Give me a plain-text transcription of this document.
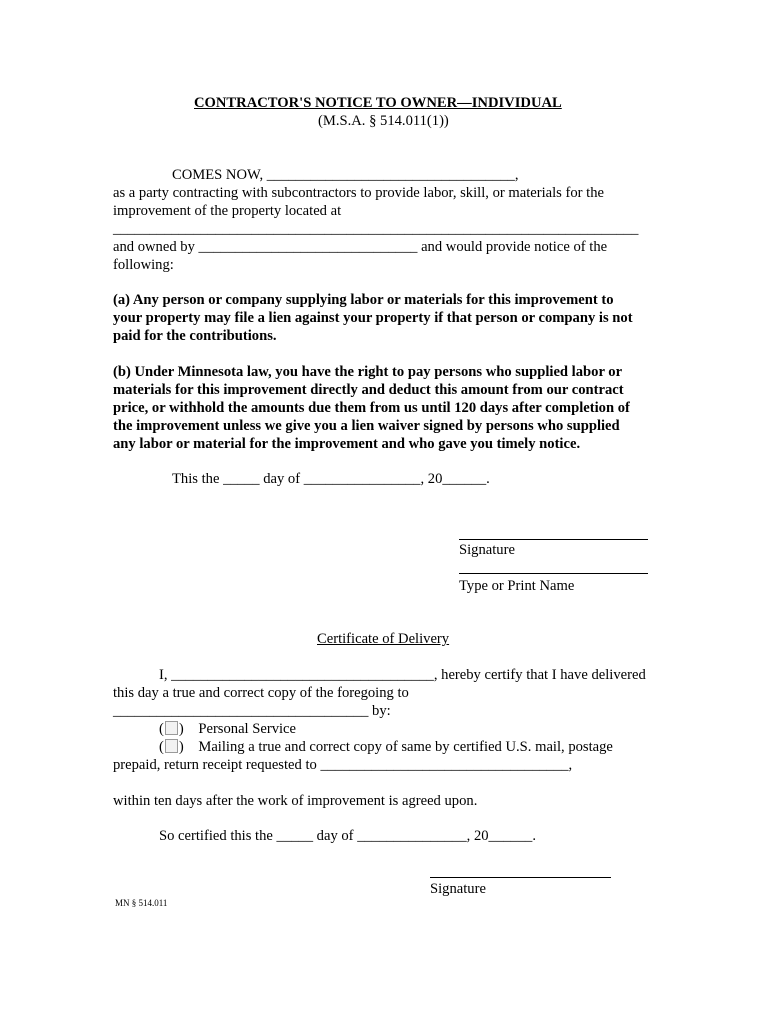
CONTRACTOR'S NOTICE TO OWNER—INDIVIDUAL
(M.S.A. § 514.011(1))
COMES NOW, __________________________________,
as a party contracting with subcontractors to provide labor, skill, or materials for the
improvement of the property located at
________________________________________________________________________
and owned by ______________________________ and would provide notice of the
following:
(a) Any person or company supplying labor or materials for this improvement to
your property may file a lien against your property if that person or company is not
paid for the contributions.
(b) Under Minnesota law, you have the right to pay persons who supplied labor or
materials for this improvement directly and deduct this amount from our contract
price, or withhold the amounts due them from us until 120 days after completion of
the improvement unless we give you a lien waiver signed by persons who supplied
any labor or material for the improvement and who gave you timely notice.
This the _____ day of ________________, 20______.
Signature
Type or Print Name
Certificate of Delivery
I, ____________________________________, hereby certify that I have delivered
this day a true and correct copy of the foregoing to
___________________________________ by:
( )    Personal Service
( )    Mailing a true and correct copy of same by certified U.S. mail, postage
prepaid, return receipt requested to __________________________________,
within ten days after the work of improvement is agreed upon.
So certified this the _____ day of _______________, 20______.
Signature
MN § 514.011
